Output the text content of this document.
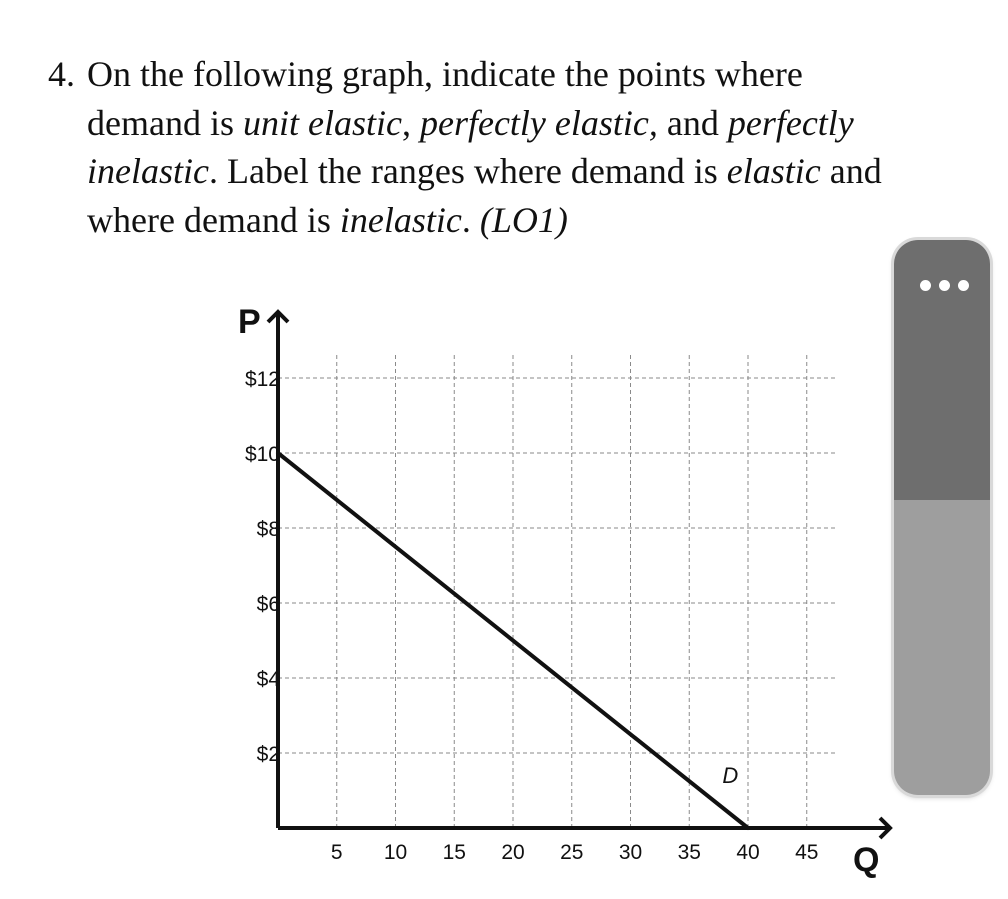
4. On the following graph, indicate the points where
demand is unit elastic, perfectly elastic, and perfectly
inelastic. Label the ranges where demand is elastic and
where demand is inelastic. (LO1)
5 10 15 20 25 30 35 40 45
$2
$4
$6
$8
$10
$12
D
P
Q
